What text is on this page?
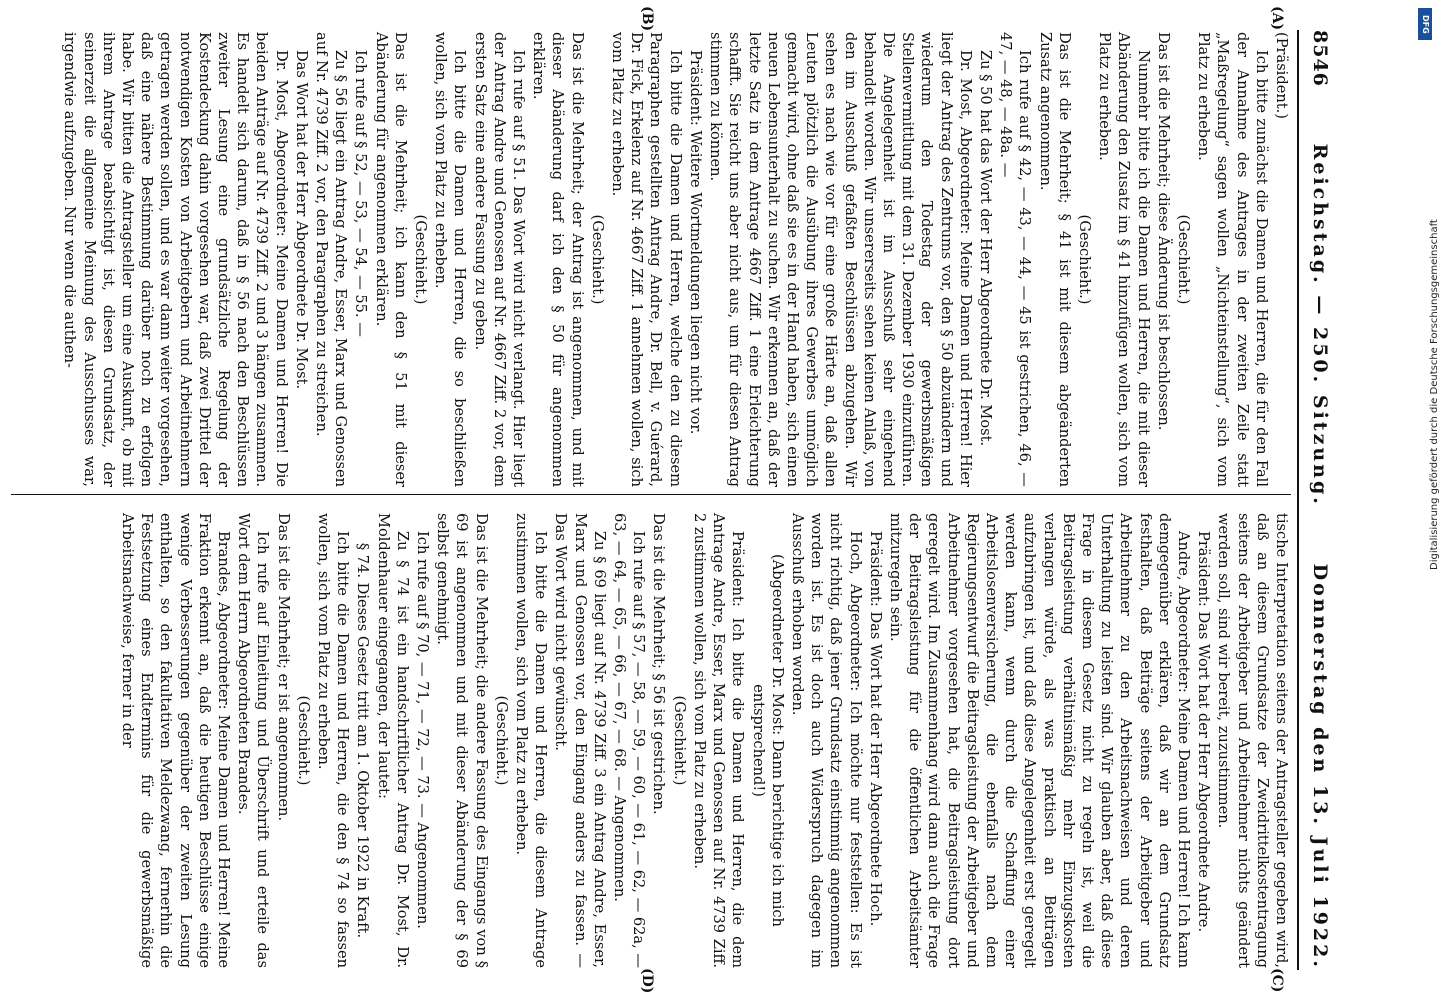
8546
Reichstag. — 250. Sitzung.
Donnerstag den 13. Juli 1922.
(A)
(B)
(C)
(D)

(Präsident.)

Ich bitte zunächst die Damen und Herren, die für den Fall der Annahme des Antrages in der zweiten Zeile statt „Maßregelung“ sagen wollen „Nichteinstellung“, sich vom Platz zu erheben.

(Geschieht.)

Das ist die Mehrheit; diese Änderung ist beschlossen.

Nunmehr bitte ich die Damen und Herren, die mit dieser Abänderung den Zusatz im § 41 hinzufügen wollen, sich vom Platz zu erheben.

(Geschieht.)

Das ist die Mehrheit; § 41 ist mit diesem abgeänderten Zusatz angenommen.

Ich rufe auf § 42, — 43, — 44, — 45 ist gestrichen, 46, — 47, — 48, — 48a. —

Zu § 50 hat das Wort der Herr Abgeordnete Dr. Most.

Dr. Most, Abgeordneter: Meine Damen und Herren! Hier liegt der Antrag des Zentrums vor, den § 50 abzuändern und wiederum den Todestag der gewerbsmäßigen Stellenvermittlung mit dem 31. Dezember 1930 einzuführen. Die Angelegenheit ist im Ausschuß sehr eingehend behandelt worden. Wir unsererseits sehen keinen Anlaß, von den im Ausschuß gefaßten Beschlüssen abzugehen. Wir sehen es nach wie vor für eine große Härte an, daß allen Leuten plötzlich die Ausübung ihres Gewerbes unmöglich gemacht wird, ohne daß sie es in der Hand haben, sich einen neuen Lebensunterhalt zu suchen. Wir erkennen an, daß der letzte Satz in dem Antrage 4667 Ziff. 1 eine Erleichterung schafft. Sie reicht uns aber nicht aus, um für diesen Antrag stimmen zu können.

Präsident: Weitere Wortmeldungen liegen nicht vor.

Ich bitte die Damen und Herren, welche den zu diesem Paragraphen gestellten Antrag Andre, Dr. Bell, v. Guérard, Dr. Fick, Erkelenz auf Nr. 4667 Ziff. 1 annehmen wollen, sich vom Platz zu erheben.

(Geschieht.)

Das ist die Mehrheit; der Antrag ist angenommen, und mit dieser Abänderung darf ich den § 50 für angenommen erklären.

Ich rufe auf § 51. Das Wort wird nicht verlangt. Hier liegt der Antrag Andre und Genossen auf Nr. 4667 Ziff. 2 vor, dem ersten Satz eine andere Fassung zu geben.

Ich bitte die Damen und Herren, die so beschließen wollen, sich vom Platz zu erheben.

(Geschieht.)

Das ist die Mehrheit; ich kann den § 51 mit dieser Abänderung für angenommen erklären.

Ich rufe auf § 52, — 53, — 54, — 55. —

Zu § 56 liegt ein Antrag Andre, Esser, Marx und Genossen auf Nr. 4739 Ziff. 2 vor, den Paragraphen zu streichen.

Das Wort hat der Herr Abgeordnete Dr. Most.

Dr. Most, Abgeordneter: Meine Damen und Herren! Die beiden Anträge auf Nr. 4739 Ziff. 2 und 3 hängen zusammen. Es handelt sich darum, daß in § 56 nach den Beschlüssen zweiter Lesung eine grundsätzliche Regelung der Kostendeckung dahin vorgesehen war, daß zwei Drittel der notwendigen Kosten von Arbeitgebern und Arbeitnehmern getragen werden sollen, und es war dann weiter vorgesehen, daß eine nähere Bestimmung darüber noch zu erfolgen habe. Wir bitten die Antragsteller um eine Auskunft, ob mit ihrem Antrage beabsichtigt ist, diesen Grundsatz, der seinerzeit die allgemeine Meinung des Ausschusses war, irgendwie aufzugeben. Nur wenn die authen-

tische Interpretation seitens der Antragsteller gegeben wird, daß an diesem Grundsatze der Zweidrittelkostentragung seitens der Arbeitgeber und Arbeitnehmer nichts geändert werden soll, sind wir bereit, zuzustimmen.

Präsident: Das Wort hat der Herr Abgeordnete Andre.

Andre, Abgeordneter: Meine Damen und Herren! Ich kann demgegenüber erklären, daß wir an dem Grundsatz festhalten, daß Beiträge seitens der Arbeitgeber und Arbeitnehmer zu den Arbeitsnachweisen und deren Unterhaltung zu leisten sind. Wir glauben aber, daß diese Frage in diesem Gesetz nicht zu regeln ist, weil die Beitragsleistung verhältnismäßig mehr Einzugskosten verlangen würde, als was praktisch an Beiträgen aufzubringen ist, und daß diese Angelegenheit erst geregelt werden kann, wenn durch die Schaffung einer Arbeitslosenversicherung, die ebenfalls nach dem Regierungsentwurf die Beitragsleistung der Arbeitgeber und Arbeitnehmer vorgesehen hat, die Beitragsleistung dort geregelt wird. Im Zusammenhang wird dann auch die Frage der Beitragsleistung für die öffentlichen Arbeitsämter mitzuregeln sein.

Präsident: Das Wort hat der Herr Abgeordnete Hoch.

Hoch, Abgeordneter: Ich möchte nur feststellen: Es ist nicht richtig, daß jener Grundsatz einstimmig angenommen worden ist. Es ist doch auch Widerspruch dagegen im Ausschuß erhoben worden.

(Abgeordneter Dr. Most: Dann berichtige ich mich entsprechend!)

Präsident: Ich bitte die Damen und Herren, die dem Antrage Andre, Esser, Marx und Genossen auf Nr. 4739 Ziff. 2 zustimmen wollen, sich vom Platz zu erheben.

(Geschieht.)

Das ist die Mehrheit; § 56 ist gestrichen.

Ich rufe auf § 57, — 58, — 59, — 60, — 61, — 62, — 62a, — 63, — 64, — 65, — 66, — 67, — 68. — Angenommen.

Zu § 69 liegt auf Nr. 4739 Ziff. 3 ein Antrag Andre, Esser, Marx und Genossen vor, den Eingang anders zu fassen. — Das Wort wird nicht gewünscht.

Ich bitte die Damen und Herren, die diesem Antrage zustimmen wollen, sich vom Platz zu erheben.

(Geschieht.)

Das ist die Mehrheit; die andere Fassung des Eingangs von § 69 ist angenommen und mit dieser Abänderung der § 69 selbst genehmigt.

Ich rufe auf § 70, — 71, — 72, — 73. — Angenommen.

Zu § 74 ist ein handschriftlicher Antrag Dr. Most, Dr. Moldenhauer eingegangen, der lautet:

§ 74. Dieses Gesetz tritt am 1. Oktober 1922 in Kraft.

Ich bitte die Damen und Herren, die den § 74 so fassen wollen, sich vom Platz zu erheben.

(Geschieht.)

Das ist die Mehrheit; er ist angenommen.

Ich rufe auf Einleitung und Überschrift und erteile das Wort dem Herrn Abgeordneten Brandes.

Brandes, Abgeordneter: Meine Damen und Herren! Meine Fraktion erkennt an, daß die heutigen Beschlüsse einige wenige Verbesserungen gegenüber der zweiten Lesung enthalten, so den fakultativen Meldezwang, fernerhin die Festsetzung eines Endtermins für die gewerbsmäßige Arbeitsnachweise, ferner in der

DFG
Digitalisierung gefördert durch die Deutsche Forschungsgemeinschaft
